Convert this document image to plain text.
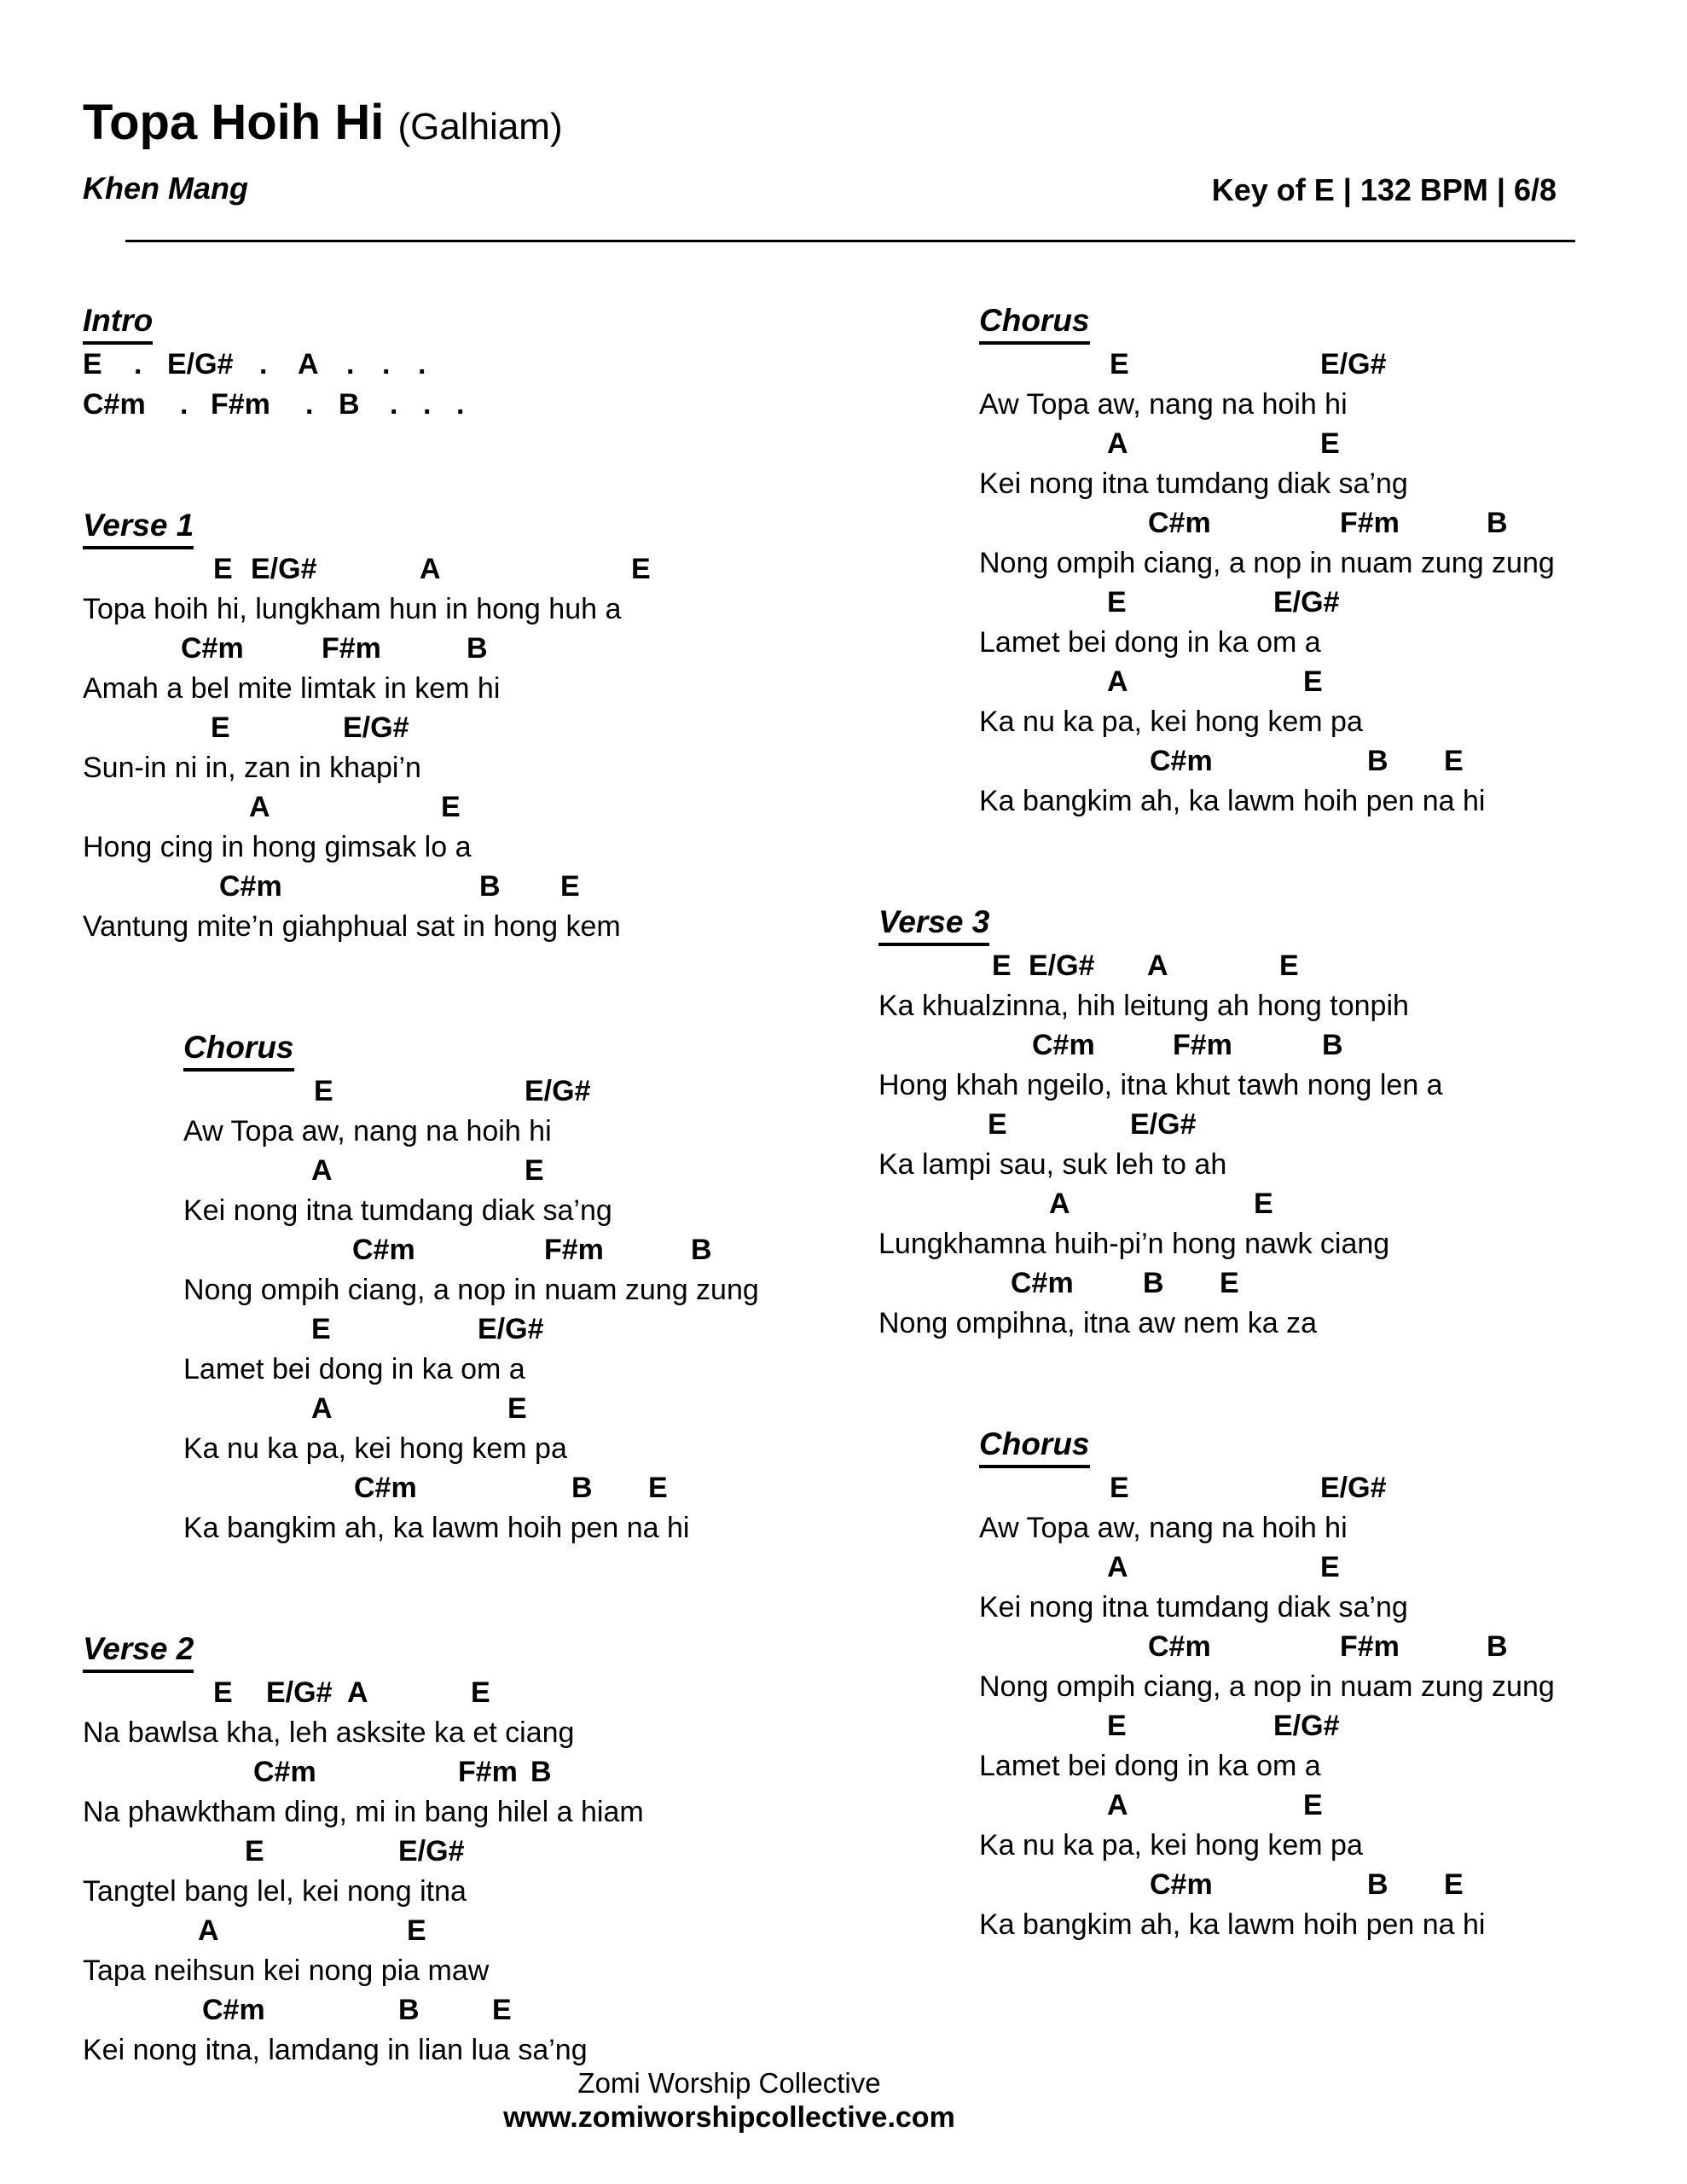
Topa Hoih Hi (Galhiam)
Khen Mang	Key of E | 132 BPM | 6/8
Intro
E . E/G# . A . . .
C#m . F#m . B . . .
Verse 1
E E/G#	A	E
Topa hoih hi, lungkham hun in hong huh a
C#m	F#m	B
Amah a bel mite limtak in kem hi
E	E/G#
Sun-in ni in, zan in khapi’n
A	E
Hong cing in hong gimsak lo a
C#m	B E
Vantung mite’n giahphual sat in hong kem
Chorus
E	E/G#
Aw Topa aw, nang na hoih hi
A	E
Kei nong itna tumdang diak sa’ng
C#m	F#m	B
Nong ompih ciang, a nop in nuam zung zung
E	E/G#
Lamet bei dong in ka om a
A	E
Ka nu ka pa, kei hong kem pa
C#m	B E
Ka bangkim ah, ka lawm hoih pen na hi
Verse 2
E E/G# A	E
Na bawlsa kha, leh asksite ka et ciang
C#m	F#m B
Na phawktham ding, mi in bang hilel a hiam
E	E/G#
Tangtel bang lel, kei nong itna
A	E
Tapa neihsun kei nong pia maw
C#m	B	E
Kei nong itna, lamdang in lian lua sa’ng
Chorus
E	E/G#
Aw Topa aw, nang na hoih hi
A	E
Kei nong itna tumdang diak sa’ng
C#m	F#m	B
Nong ompih ciang, a nop in nuam zung zung
E	E/G#
Lamet bei dong in ka om a
A	E
Ka nu ka pa, kei hong kem pa
C#m	B E
Ka bangkim ah, ka lawm hoih pen na hi
Verse 3
E E/G# A	E
Ka khualzinna, hih leitung ah hong tonpih
C#m	F#m	B
Hong khah ngeilo, itna khut tawh nong len a
E	E/G#
Ka lampi sau, suk leh to ah
A	E
Lungkhamna huih-pi’n hong nawk ciang
C#m B E
Nong ompihna, itna aw nem ka za
Chorus
E	E/G#
Aw Topa aw, nang na hoih hi
A	E
Kei nong itna tumdang diak sa’ng
C#m	F#m	B
Nong ompih ciang, a nop in nuam zung zung
E	E/G#
Lamet bei dong in ka om a
A	E
Ka nu ka pa, kei hong kem pa
C#m	B E
Ka bangkim ah, ka lawm hoih pen na hi
Zomi Worship Collective
www.zomiworshipcollective.com
